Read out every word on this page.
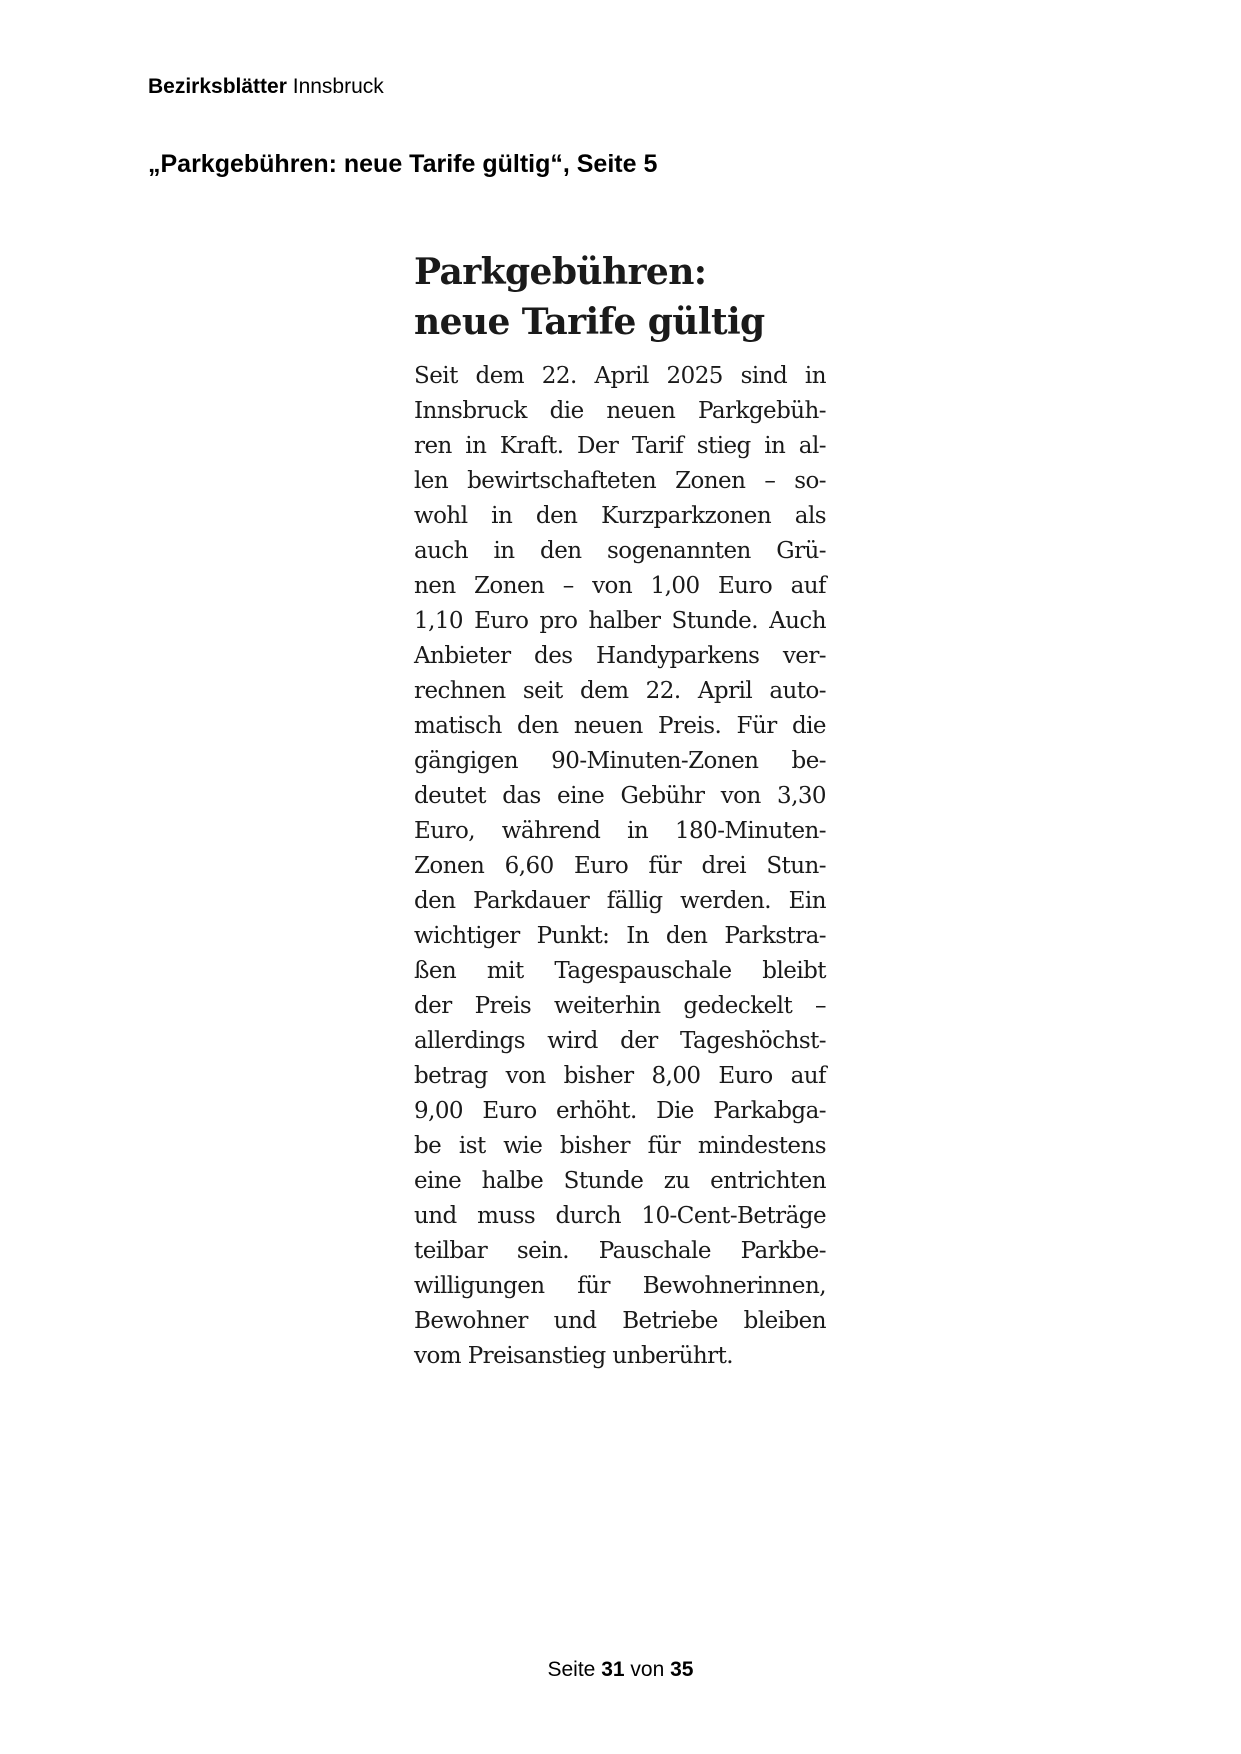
Bezirksblätter Innsbruck
„Parkgebühren: neue Tarife gültig“, Seite 5
Parkgebühren:
neue Tarife gültig
Seit dem 22. April 2025 sind in
Innsbruck die neuen Parkgebüh-
ren in Kraft. Der Tarif stieg in al-
len bewirtschafteten Zonen – so-
wohl in den Kurzparkzonen als
auch in den sogenannten Grü-
nen Zonen – von 1,00 Euro auf
1,10 Euro pro halber Stunde. Auch
Anbieter des Handyparkens ver-
rechnen seit dem 22. April auto-
matisch den neuen Preis. Für die
gängigen 90-Minuten-Zonen be-
deutet das eine Gebühr von 3,30
Euro, während in 180-Minuten-
Zonen 6,60 Euro für drei Stun-
den Parkdauer fällig werden. Ein
wichtiger Punkt: In den Parkstra-
ßen mit Tagespauschale bleibt
der Preis weiterhin gedeckelt –
allerdings wird der Tageshöchst-
betrag von bisher 8,00 Euro auf
9,00 Euro erhöht. Die Parkabga-
be ist wie bisher für mindestens
eine halbe Stunde zu entrichten
und muss durch 10-Cent-Beträge
teilbar sein. Pauschale Parkbe-
willigungen für Bewohnerinnen,
Bewohner und Betriebe bleiben
vom Preisanstieg unberührt.
Seite 31 von 35
